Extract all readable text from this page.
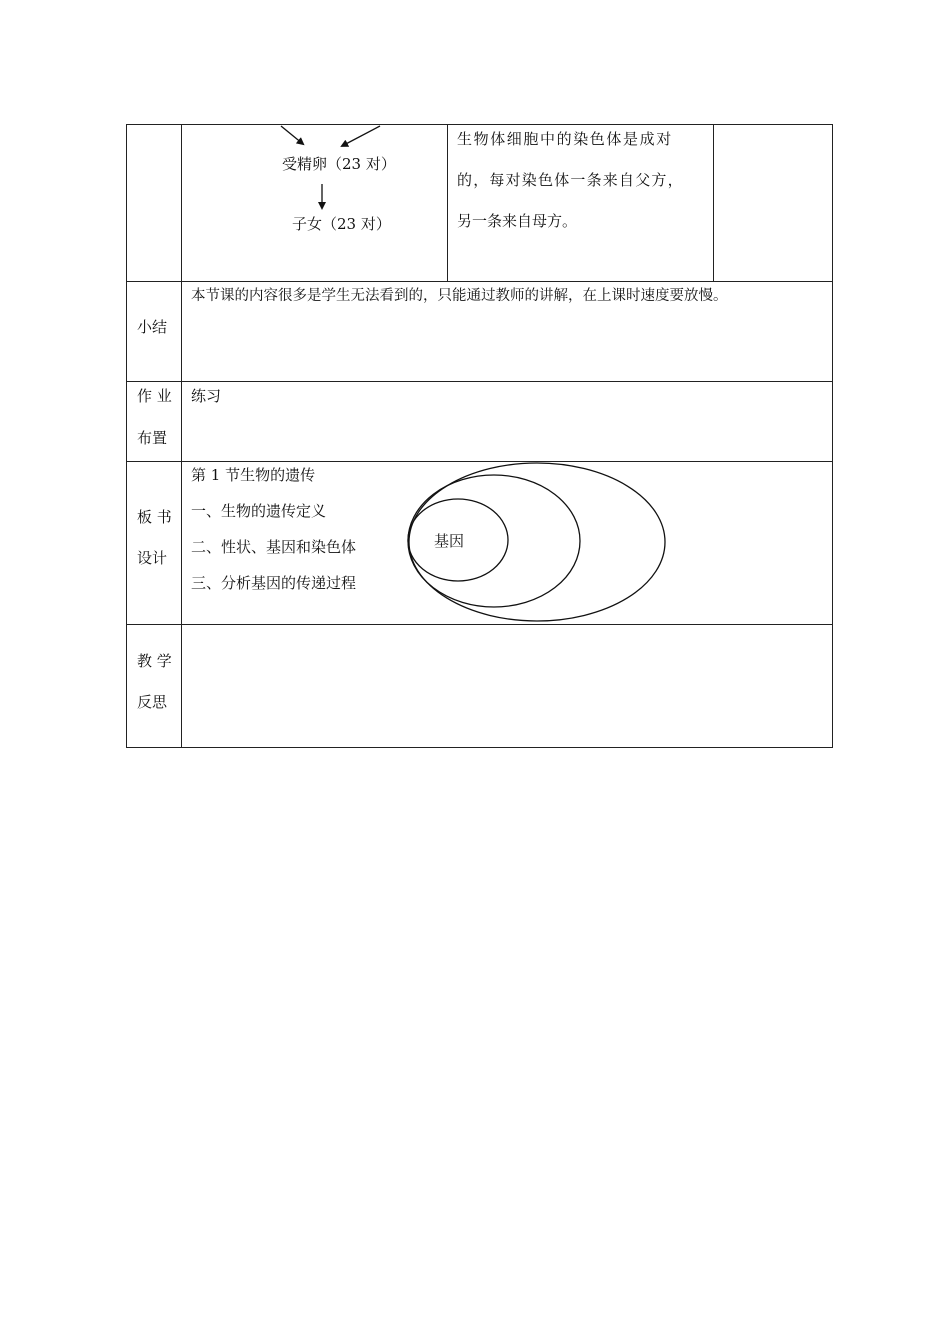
受精卵（23 对）
子女（23 对）
生物体细胞中的染色体是成对
的，每对染色体一条来自父方，
另一条来自母方。
小结
本节课的内容很多是学生无法看到的，只能通过教师的讲解，在上课时速度要放慢。
作 业
布置
练习
板 书
设计
第 1 节生物的遗传
一、生物的遗传定义
二、性状、基因和染色体
三、分析基因的传递过程
基因
教 学
反思
